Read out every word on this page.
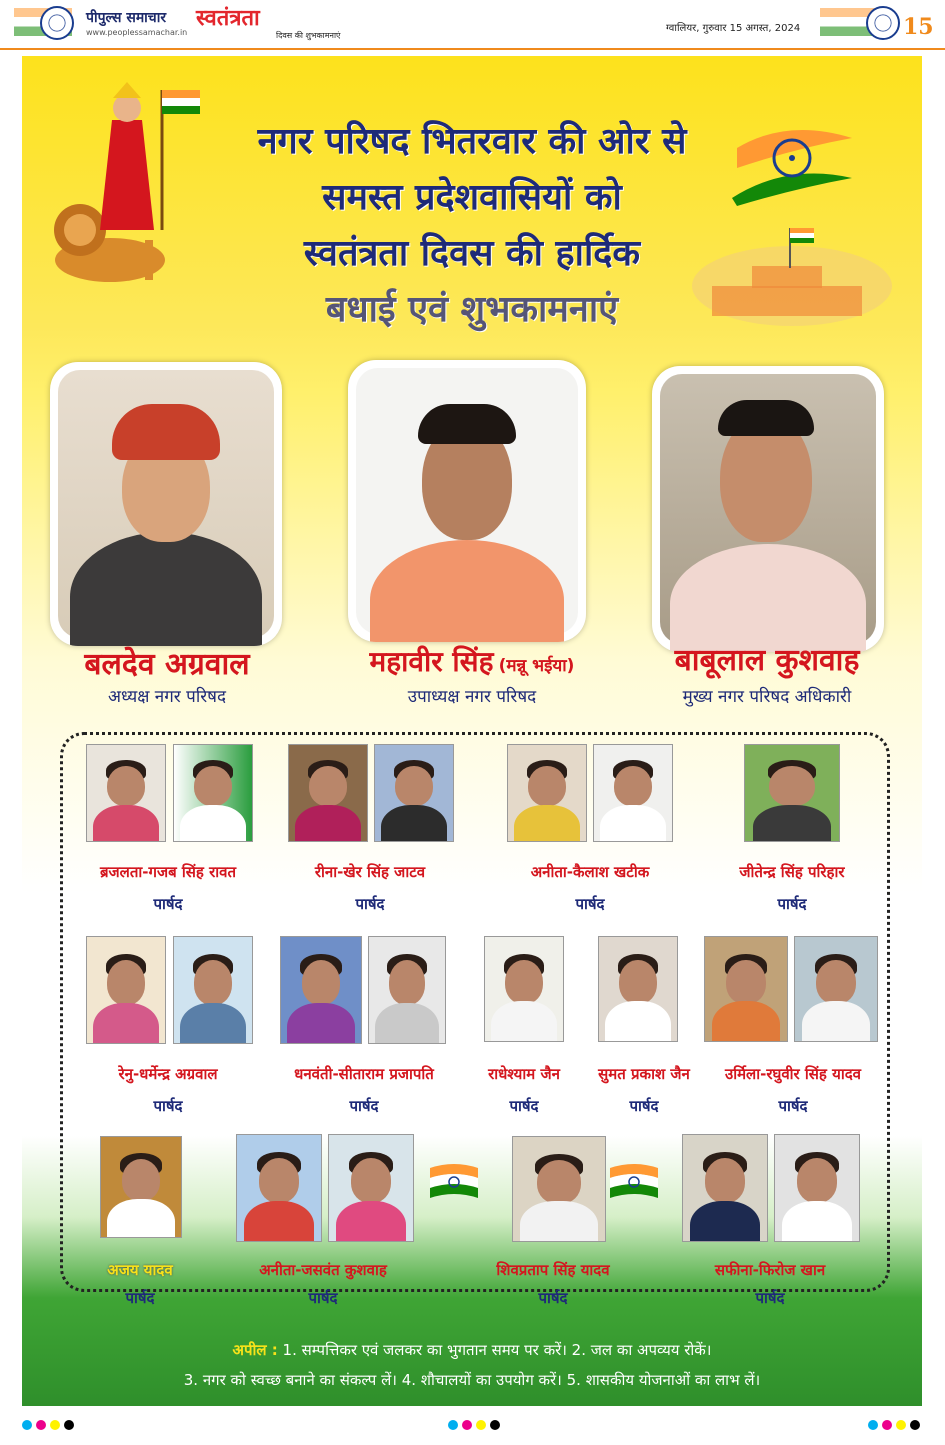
पीपुल्स समाचार
www.peoplessamachar.in
स्वतंत्रता
दिवस की शुभकामनाएं
ग्वालियर, गुरुवार 15 अगस्त, 2024	15
नगर परिषद भितरवार की ओर से
समस्त प्रदेशवासियों को
स्वतंत्रता दिवस की हार्दिक
बधाई एवं शुभकामनाएं
बलदेव अग्रवाल
अध्यक्ष नगर परिषद
महावीर सिंह (मन्नू भईया)
उपाध्यक्ष नगर परिषद
बाबूलाल कुशवाह
मुख्य नगर परिषद अधिकारी
ब्रजलता-गजब सिंह रावत
पार्षद
रीना-खेर सिंह जाटव
पार्षद
अनीता-कैलाश खटीक
पार्षद
जीतेन्द्र सिंह परिहार
पार्षद
रेनु-धर्मेन्द्र अग्रवाल
पार्षद
धनवंती-सीताराम प्रजापति
पार्षद
राधेश्याम जैन
पार्षद
सुमत प्रकाश जैन
पार्षद
उर्मिला-रघुवीर सिंह यादव
पार्षद
अजय यादव
पार्षद
अनीता-जसवंत कुशवाह
पार्षद
शिवप्रताप सिंह यादव
पार्षद
सफीना-फिरोज खान
पार्षद
अपील : 1. सम्पत्तिकर एवं जलकर का भुगतान समय पर करें। 2. जल का अपव्यय रोकें।
3. नगर को स्वच्छ बनाने का संकल्प लें। 4. शौचालयों का उपयोग करें। 5. शासकीय योजनाओं का लाभ लें।
